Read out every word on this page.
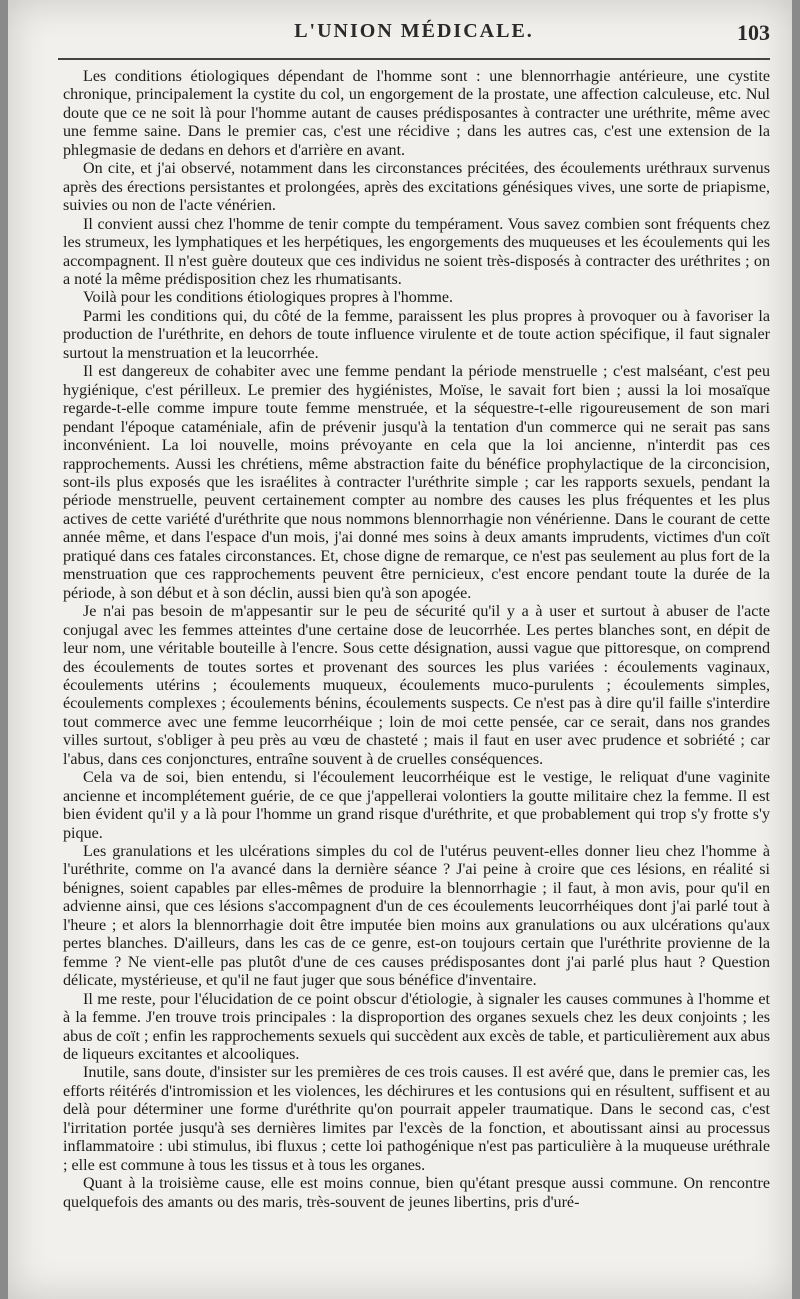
L'UNION MÉDICALE.	103

Les conditions étiologiques dépendant de l'homme sont : une blennorrhagie antérieure, une cystite chronique, principalement la cystite du col, un engorgement de la prostate, une affection calculeuse, etc. Nul doute que ce ne soit là pour l'homme autant de causes prédisposantes à contracter une uréthrite, même avec une femme saine. Dans le premier cas, c'est une récidive ; dans les autres cas, c'est une extension de la phlegmasie de dedans en dehors et d'arrière en avant.

On cite, et j'ai observé, notamment dans les circonstances précitées, des écoulements uréthraux survenus après des érections persistantes et prolongées, après des excitations génésiques vives, une sorte de priapisme, suivies ou non de l'acte vénérien.

Il convient aussi chez l'homme de tenir compte du tempérament. Vous savez combien sont fréquents chez les strumeux, les lymphatiques et les herpétiques, les engorgements des muqueuses et les écoulements qui les accompagnent. Il n'est guère douteux que ces individus ne soient très-disposés à contracter des uréthrites ; on a noté la même prédisposition chez les rhumatisants.

Voilà pour les conditions étiologiques propres à l'homme.

Parmi les conditions qui, du côté de la femme, paraissent les plus propres à provoquer ou à favoriser la production de l'uréthrite, en dehors de toute influence virulente et de toute action spécifique, il faut signaler surtout la menstruation et la leucorrhée.

Il est dangereux de cohabiter avec une femme pendant la période menstruelle ; c'est malséant, c'est peu hygiénique, c'est périlleux. Le premier des hygiénistes, Moïse, le savait fort bien ; aussi la loi mosaïque regarde-t-elle comme impure toute femme menstruée, et la séquestre-t-elle rigoureusement de son mari pendant l'époque cataméniale, afin de prévenir jusqu'à la tentation d'un commerce qui ne serait pas sans inconvénient. La loi nouvelle, moins prévoyante en cela que la loi ancienne, n'interdit pas ces rapprochements. Aussi les chrétiens, même abstraction faite du bénéfice prophylactique de la circoncision, sont-ils plus exposés que les israélites à contracter l'uréthrite simple ; car les rapports sexuels, pendant la période menstruelle, peuvent certainement compter au nombre des causes les plus fréquentes et les plus actives de cette variété d'uréthrite que nous nommons blennorrhagie non vénérienne. Dans le courant de cette année même, et dans l'espace d'un mois, j'ai donné mes soins à deux amants imprudents, victimes d'un coït pratiqué dans ces fatales circonstances. Et, chose digne de remarque, ce n'est pas seulement au plus fort de la menstruation que ces rapprochements peuvent être pernicieux, c'est encore pendant toute la durée de la période, à son début et à son déclin, aussi bien qu'à son apogée.

Je n'ai pas besoin de m'appesantir sur le peu de sécurité qu'il y a à user et surtout à abuser de l'acte conjugal avec les femmes atteintes d'une certaine dose de leucorrhée. Les pertes blanches sont, en dépit de leur nom, une véritable bouteille à l'encre. Sous cette désignation, aussi vague que pittoresque, on comprend des écoulements de toutes sortes et provenant des sources les plus variées : écoulements vaginaux, écoulements utérins ; écoulements muqueux, écoulements muco-purulents ; écoulements simples, écoulements complexes ; écoulements bénins, écoulements suspects. Ce n'est pas à dire qu'il faille s'interdire tout commerce avec une femme leucorrhéique ; loin de moi cette pensée, car ce serait, dans nos grandes villes surtout, s'obliger à peu près au vœu de chasteté ; mais il faut en user avec prudence et sobriété ; car l'abus, dans ces conjonctures, entraîne souvent à de cruelles conséquences.

Cela va de soi, bien entendu, si l'écoulement leucorrhéique est le vestige, le reliquat d'une vaginite ancienne et incomplétement guérie, de ce que j'appellerai volontiers la goutte militaire chez la femme. Il est bien évident qu'il y a là pour l'homme un grand risque d'uréthrite, et que probablement qui trop s'y frotte s'y pique.

Les granulations et les ulcérations simples du col de l'utérus peuvent-elles donner lieu chez l'homme à l'uréthrite, comme on l'a avancé dans la dernière séance ? J'ai peine à croire que ces lésions, en réalité si bénignes, soient capables par elles-mêmes de produire la blennorrhagie ; il faut, à mon avis, pour qu'il en advienne ainsi, que ces lésions s'accompagnent d'un de ces écoulements leucorrhéiques dont j'ai parlé tout à l'heure ; et alors la blennorrhagie doit être imputée bien moins aux granulations ou aux ulcérations qu'aux pertes blanches. D'ailleurs, dans les cas de ce genre, est-on toujours certain que l'uréthrite provienne de la femme ? Ne vient-elle pas plutôt d'une de ces causes prédisposantes dont j'ai parlé plus haut ? Question délicate, mystérieuse, et qu'il ne faut juger que sous bénéfice d'inventaire.

Il me reste, pour l'élucidation de ce point obscur d'étiologie, à signaler les causes communes à l'homme et à la femme. J'en trouve trois principales : la disproportion des organes sexuels chez les deux conjoints ; les abus de coït ; enfin les rapprochements sexuels qui succèdent aux excès de table, et particulièrement aux abus de liqueurs excitantes et alcooliques.

Inutile, sans doute, d'insister sur les premières de ces trois causes. Il est avéré que, dans le premier cas, les efforts réitérés d'intromission et les violences, les déchirures et les contusions qui en résultent, suffisent et au delà pour déterminer une forme d'uréthrite qu'on pourrait appeler traumatique. Dans le second cas, c'est l'irritation portée jusqu'à ses dernières limites par l'excès de la fonction, et aboutissant ainsi au processus inflammatoire : ubi stimulus, ibi fluxus ; cette loi pathogénique n'est pas particulière à la muqueuse uréthrale ; elle est commune à tous les tissus et à tous les organes.

Quant à la troisième cause, elle est moins connue, bien qu'étant presque aussi commune. On rencontre quelquefois des amants ou des maris, très-souvent de jeunes libertins, pris d'uré-
